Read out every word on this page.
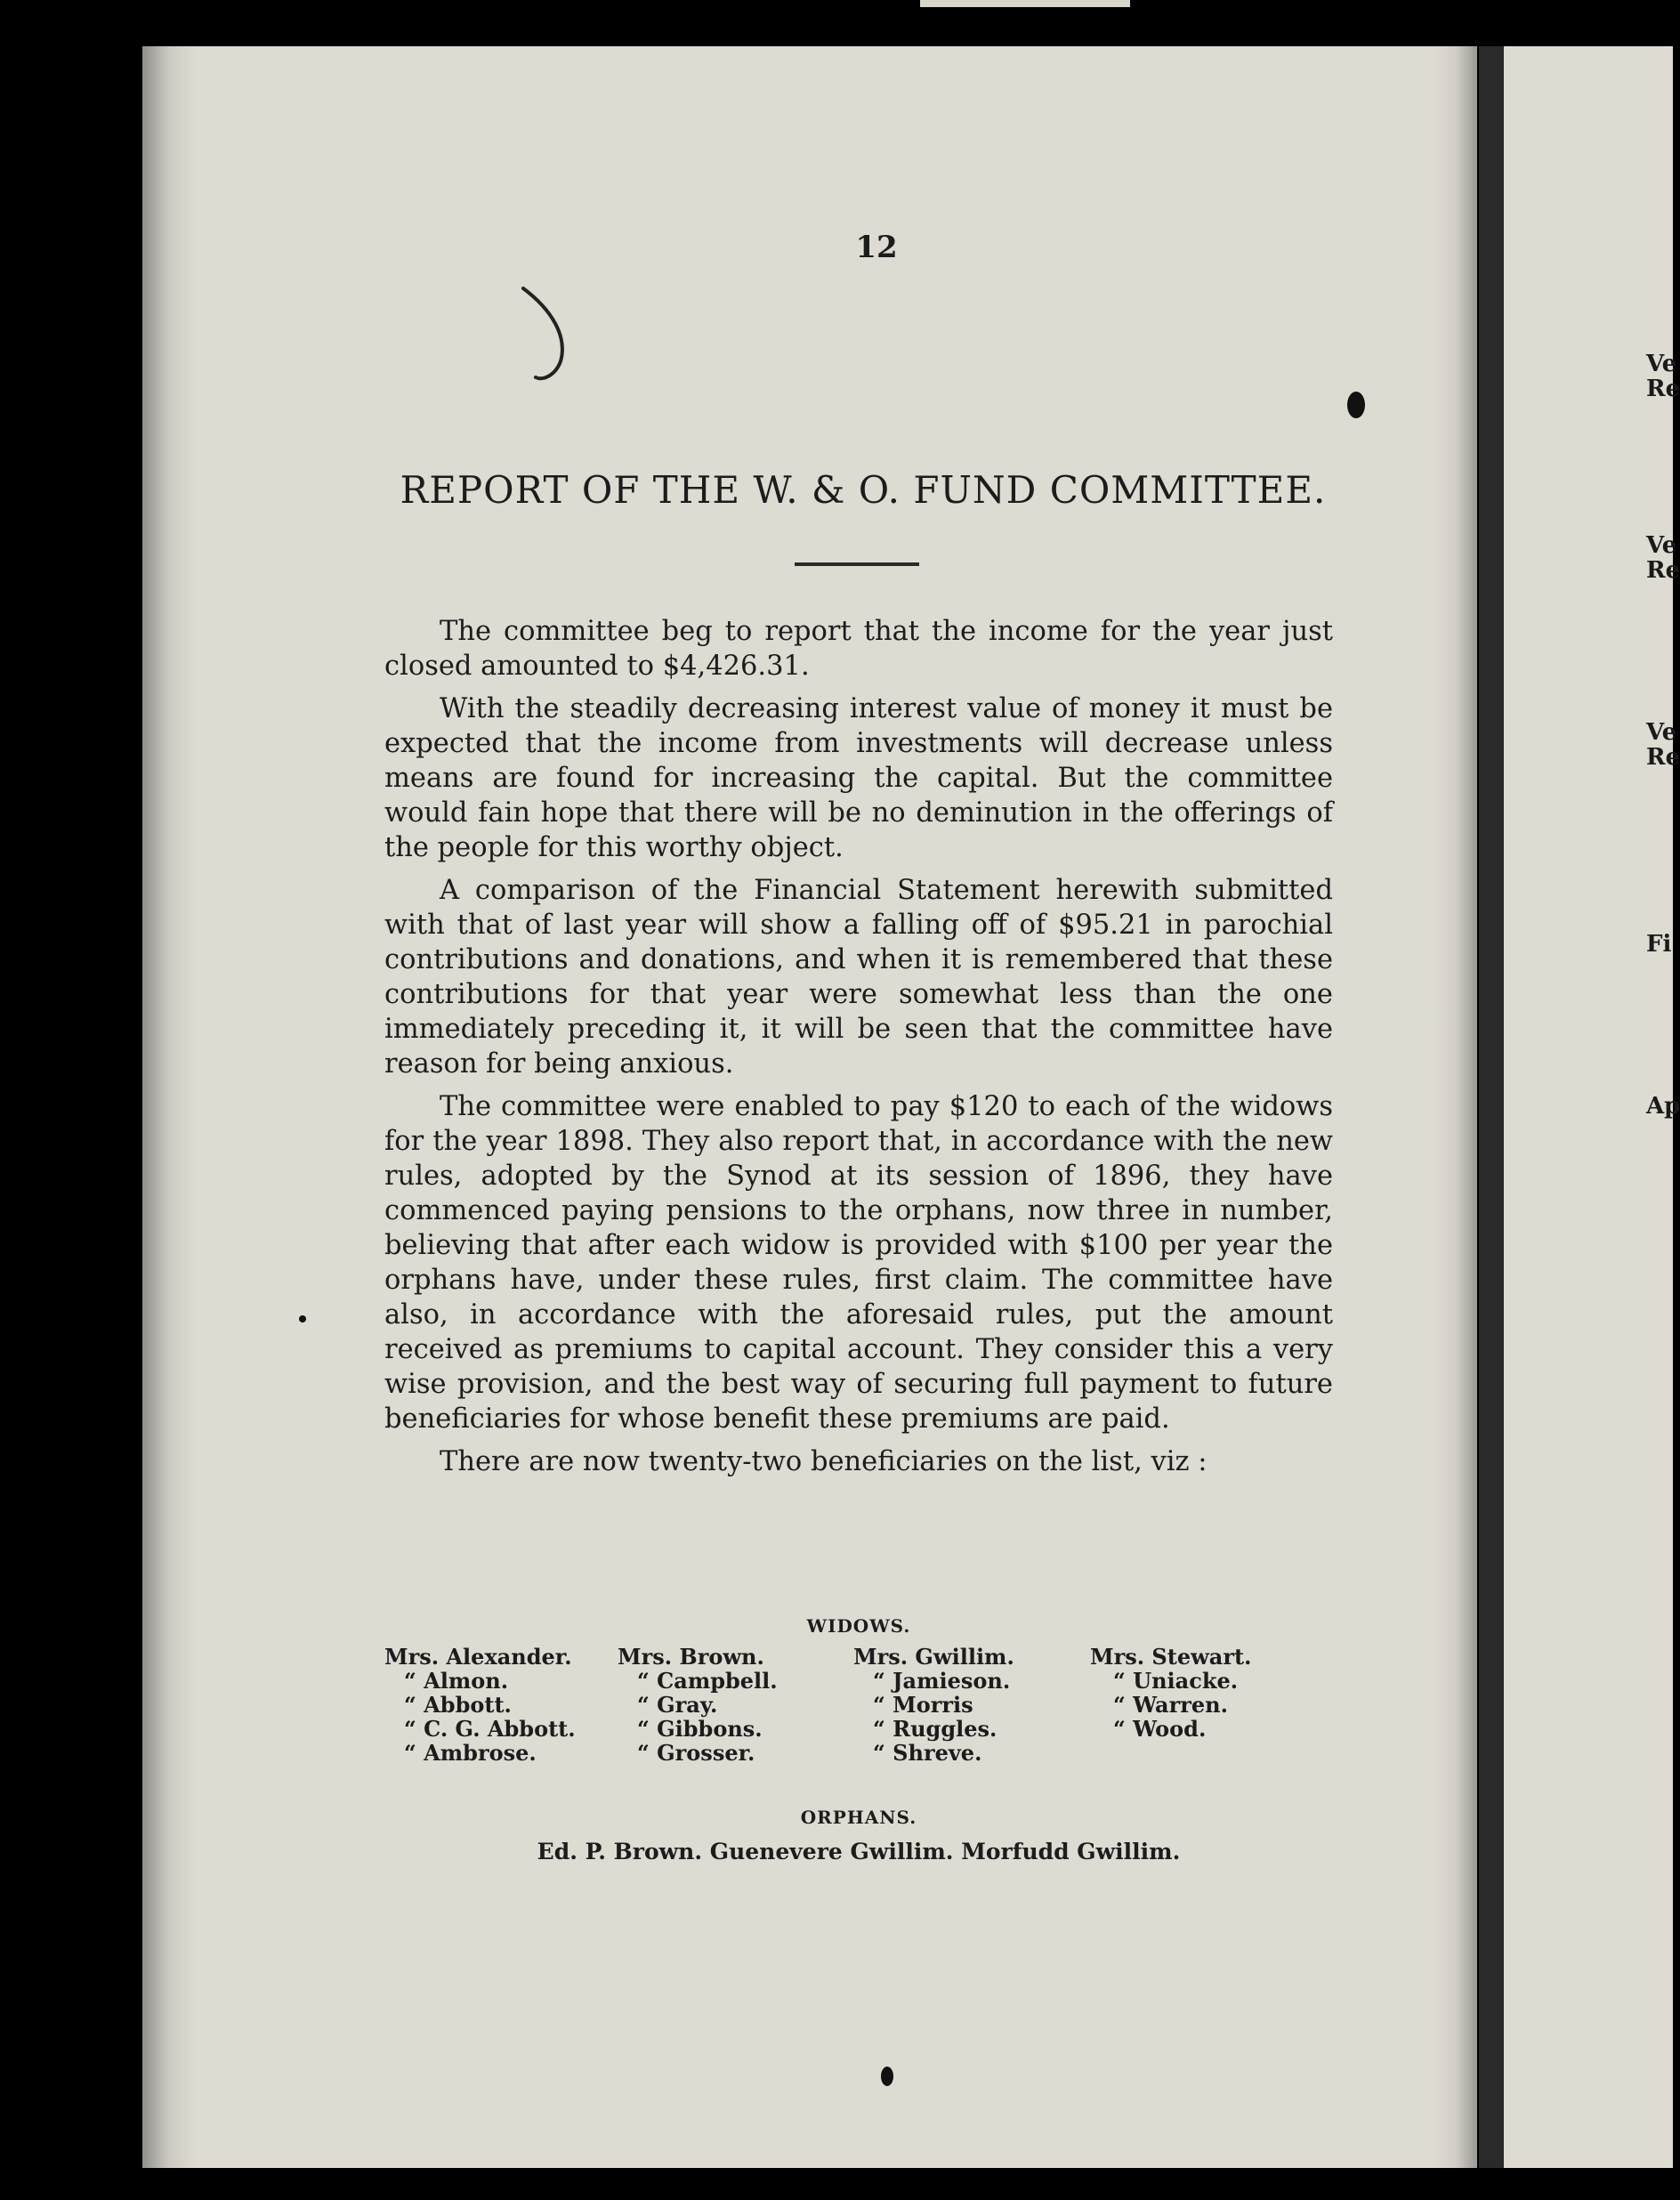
Ve
Re
Ve
Re
Ve
Re
Fi
Ap
12
REPORT OF THE W. & O. FUND COMMITTEE.

The committee beg to report that the income for the year just closed amounted to $4,426.31.

With the steadily decreasing interest value of money it must be expected that the income from investments will decrease unless means are found for increasing the capital. But the committee would fain hope that there will be no deminution in the offerings of the people for this worthy object.

A comparison of the Financial Statement herewith submitted with that of last year will show a falling off of $95.21 in parochial contributions and donations, and when it is remembered that these contributions for that year were somewhat less than the one immediately preceding it, it will be seen that the committee have reason for being anxious.

The committee were enabled to pay $120 to each of the widows for the year 1898. They also report that, in accordance with the new rules, adopted by the Synod at its session of 1896, they have commenced paying pensions to the orphans, now three in number, believing that after each widow is provided with $100 per year the orphans have, under these rules, first claim. The committee have also, in accordance with the aforesaid rules, put the amount received as premiums to capital account. They consider this a very wise provision, and the best way of securing full payment to future beneficiaries for whose benefit these premiums are paid.

There are now twenty-two beneficiaries on the list, viz :

WIDOWS.
Mrs. Alexander.
“ Almon.
“ Abbott.
“ C. G. Abbott.
“ Ambrose.
Mrs. Brown.
“ Campbell.
“ Gray.
“ Gibbons.
“ Grosser.
Mrs. Gwillim.
“ Jamieson.
“ Morris
“ Ruggles.
“ Shreve.
Mrs. Stewart.
“ Uniacke.
“ Warren.
“ Wood.
ORPHANS.
Ed. P. Brown. Guenevere Gwillim. Morfudd Gwillim.
